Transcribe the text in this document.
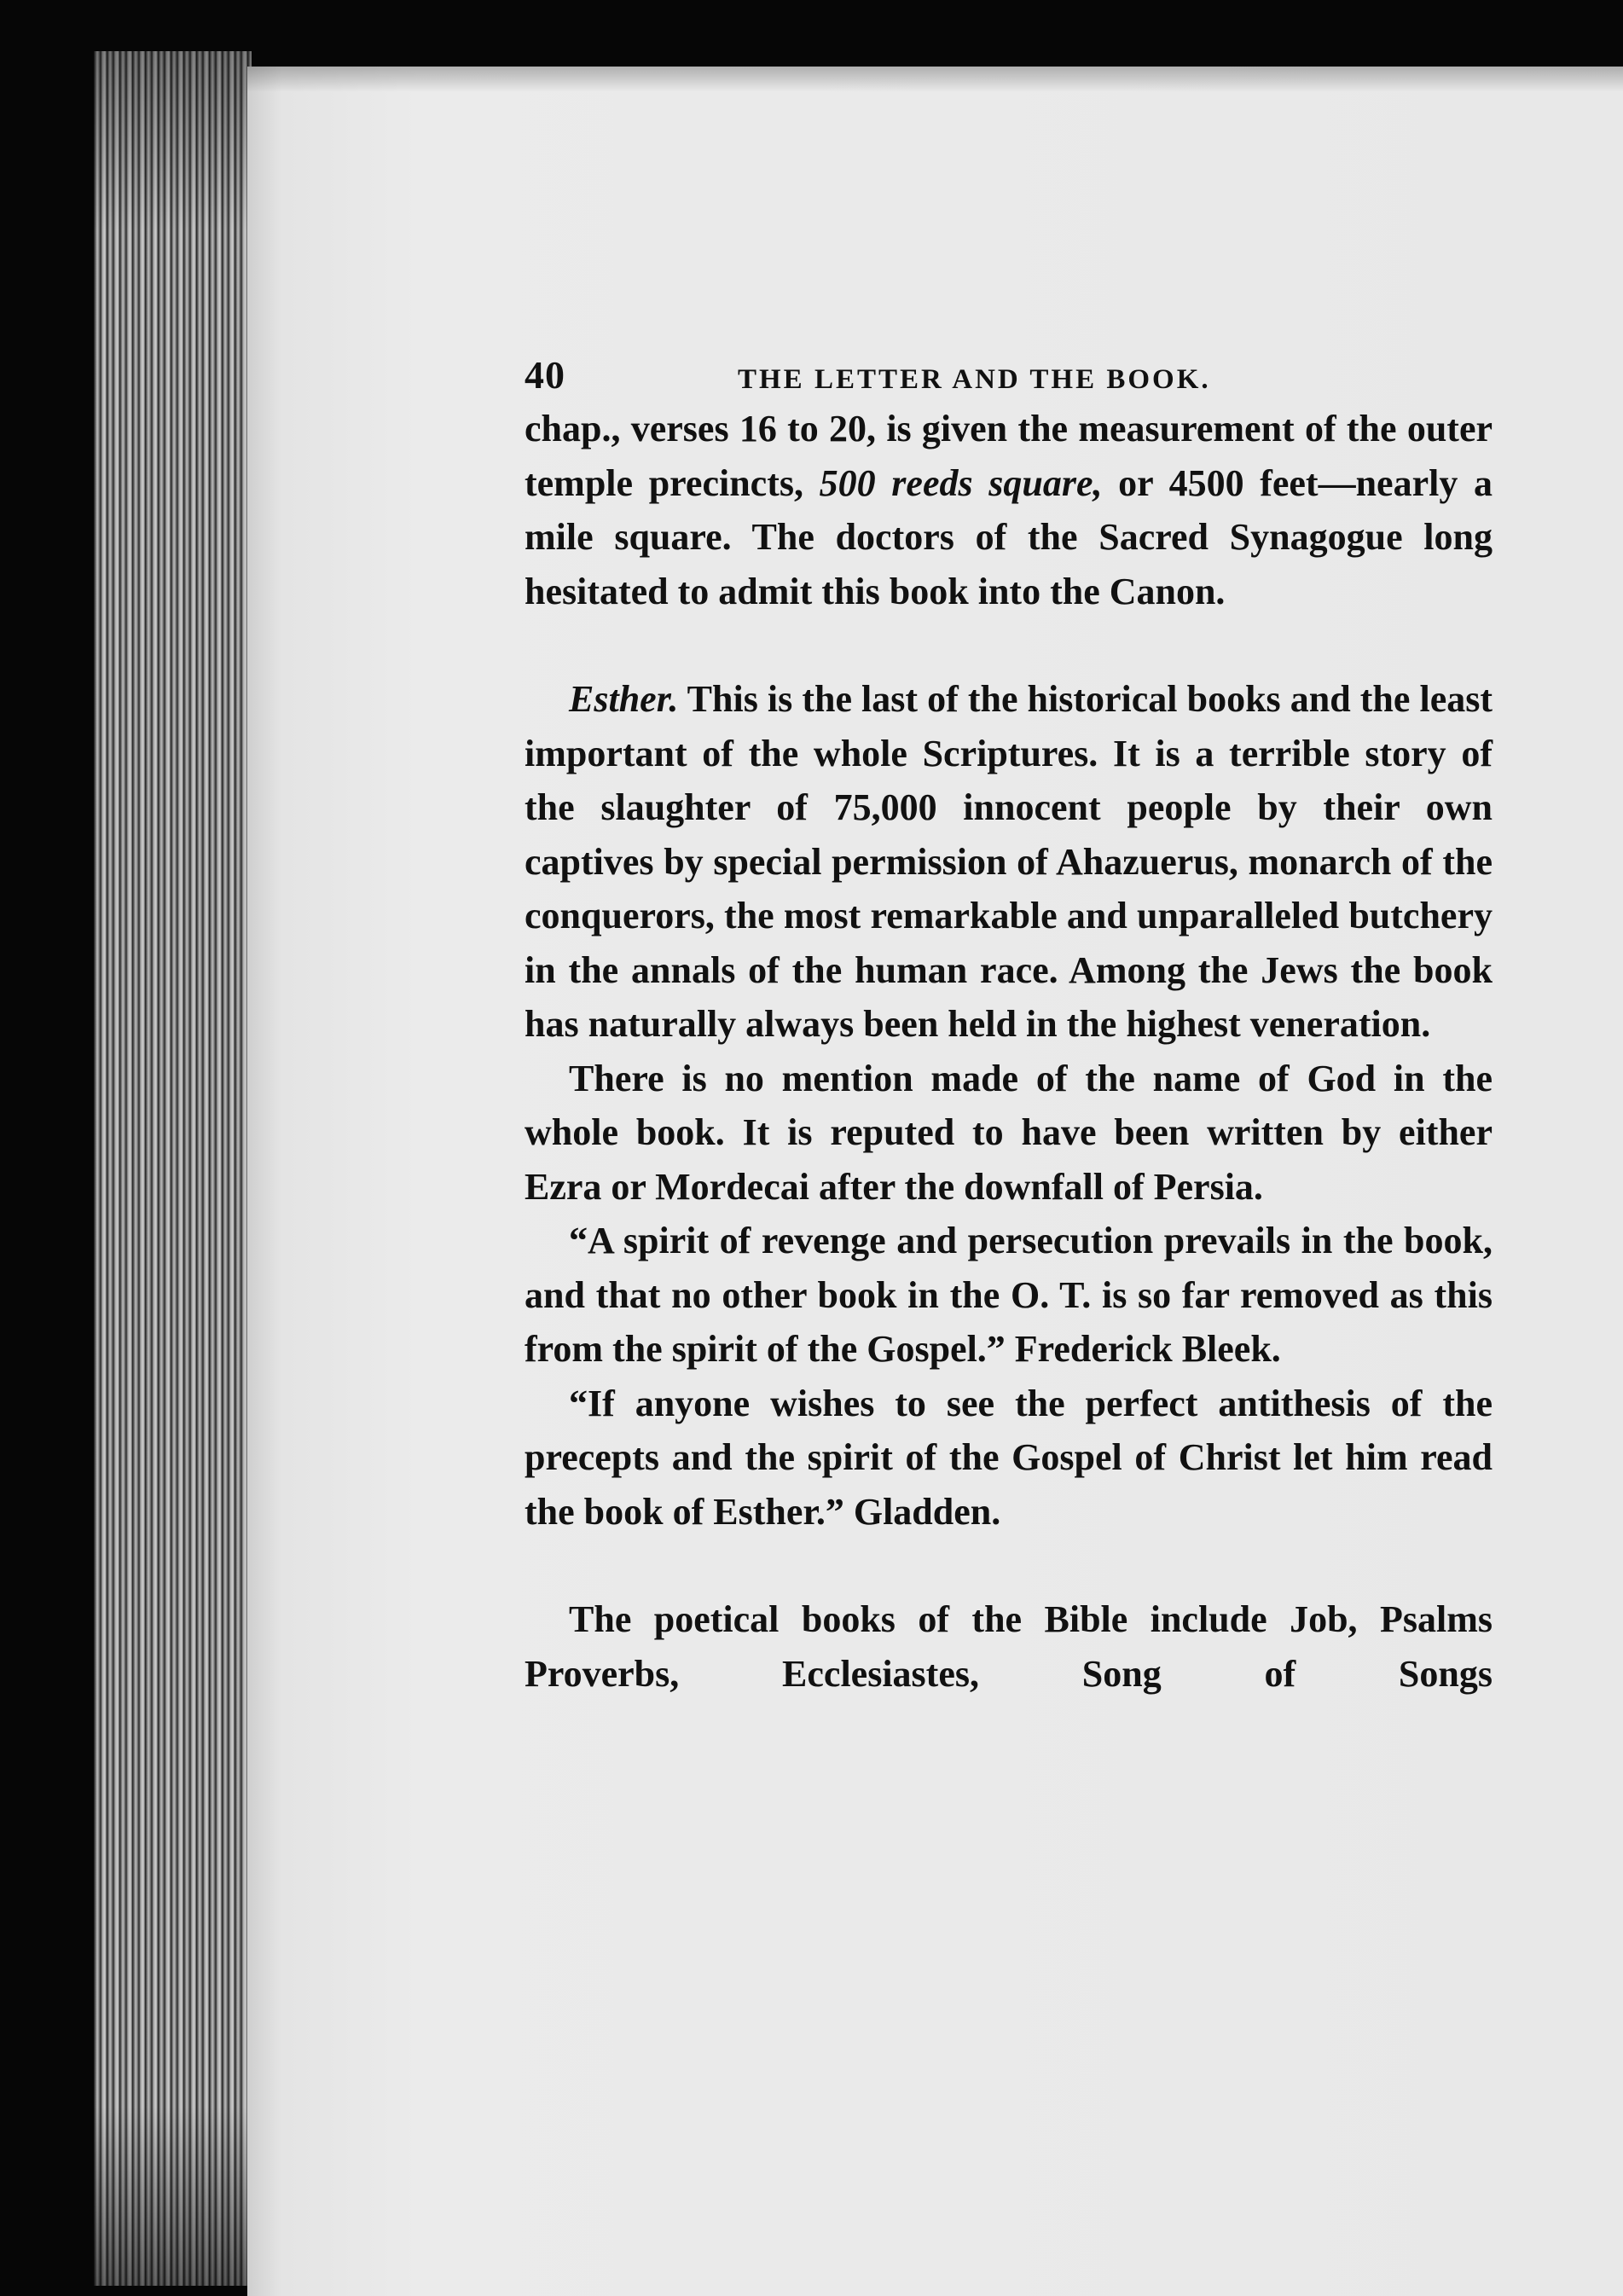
40	THE LETTER AND THE BOOK.

chap., verses 16 to 20, is given the measurement of the outer temple precincts, 500 reeds square, or 4500 feet—nearly a mile square. The doctors of the Sacred Synagogue long hesitated to admit this book into the Canon.

Esther. This is the last of the historical books and the least important of the whole Scriptures. It is a terrible story of the slaughter of 75,000 innocent people by their own captives by special permission of Ahazuerus, monarch of the conquerors, the most remarkable and unparalleled butchery in the annals of the human race. Among the Jews the book has naturally always been held in the highest veneration.

There is no mention made of the name of God in the whole book. It is reputed to have been written by either Ezra or Mordecai after the downfall of Persia.

“A spirit of revenge and persecution prevails in the book, and that no other book in the O. T. is so far removed as this from the spirit of the Gospel.” Frederick Bleek.

“If anyone wishes to see the perfect antithesis of the precepts and the spirit of the Gospel of Christ let him read the book of Esther.” Gladden.

The poetical books of the Bible include Job, Psalms Proverbs, Ecclesiastes, Song of Songs
